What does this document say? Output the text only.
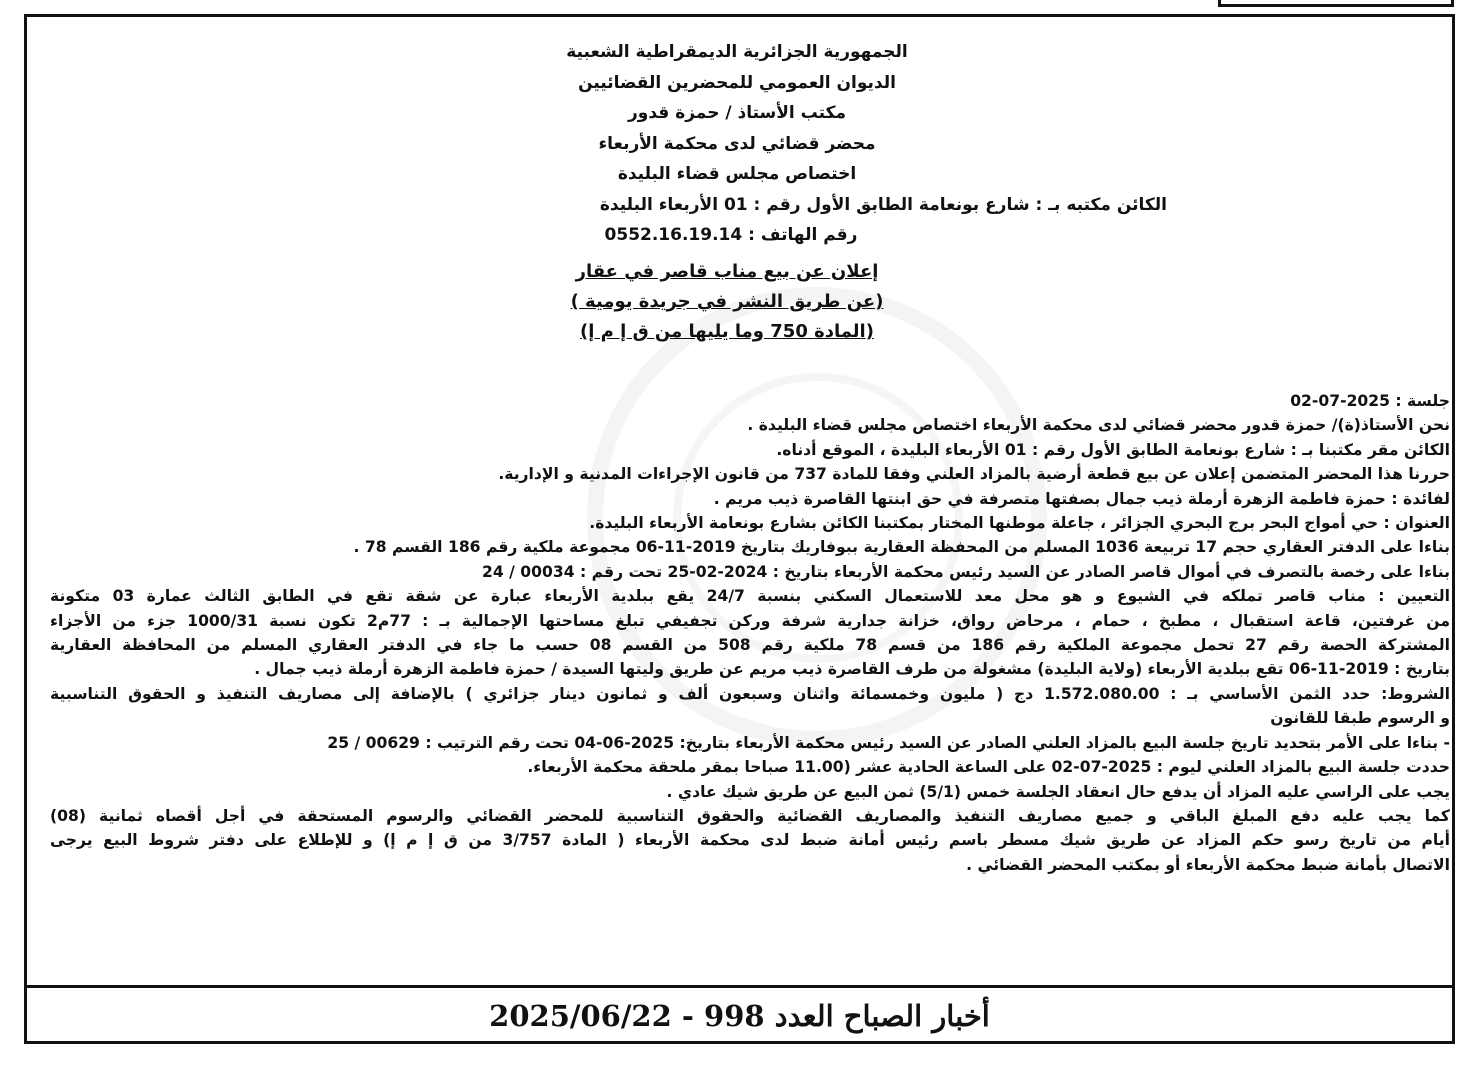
الجمهورية الجزائرية الديمقراطية الشعبية
الديوان العمومي للمحضرين القضائيين
مكتب الأستاذ / حمزة قدور
محضر قضائي لدى محكمة الأربعاء
اختصاص مجلس قضاء البليدة
الكائن مكتبه بـ : شارع بونعامة الطابق الأول رقم : 01 الأربعاء البليدة
رقم الهاتف : 0552.16.19.14
إعلان عن بيع مناب قاصر في عقار
(عن طريق النشر في جريدة يومية )
(المادة 750 وما يليها من ق إ م إ)
جلسة : 2025-07-02
نحن الأستاذ(ة)/ حمزة قدور محضر قضائي لدى محكمة الأربعاء اختصاص مجلس قضاء البليدة .
الكائن مقر مكتبنا بـ : شارع بونعامة الطابق الأول رقم : 01 الأربعاء البليدة ، الموقع أدناه.
حررنا هذا المحضر المتضمن إعلان عن بيع قطعة أرضية بالمزاد العلني وفقا للمادة 737 من قانون الإجراءات المدنية و الإدارية.
لفائدة : حمزة فاطمة الزهرة أرملة ذيب جمال بصفتها متصرفة في حق ابنتها القاصرة ذيب مريم .
العنوان : حي أمواج البحر برج البحري الجزائر ، جاعلة موطنها المختار بمكتبنا الكائن بشارع بونعامة الأربعاء البليدة.
بناءا على الدفتر العقاري حجم 17 تربيعة 1036 المسلم من المحفظة العقارية ببوفاريك بتاريخ 2019-11-06 مجموعة ملكية رقم 186 القسم 78 .
بناءا على رخصة بالتصرف في أموال قاصر الصادر عن السيد رئيس محكمة الأربعاء بتاريخ : 2024-02-25 تحت رقم : 00034 / 24
التعيين : مناب قاصر تملكه في الشيوع و هو محل معد للاستعمال السكني بنسبة 24/7 يقع ببلدية الأربعاء عبارة عن شقة تقع في الطابق الثالث عمارة 03 متكونة
من غرفتين، قاعة استقبال ، مطبخ ، حمام ، مرحاض رواق، خزانة جدارية شرفة وركن تجفيفي تبلغ مساحتها الإجمالية بـ : 77م2 تكون نسبة 1000/31 جزء من الأجزاء
المشتركة الحصة رقم 27 تحمل مجموعة الملكية رقم 186 من قسم 78 ملكية رقم 508 من القسم 08 حسب ما جاء في الدفتر العقاري المسلم من المحافظة العقارية
بتاريخ : 2019-11-06 تقع ببلدية الأربعاء (ولاية البليدة) مشغولة من طرف القاصرة ذيب مريم عن طريق وليتها السيدة / حمزة فاطمة الزهرة أرملة ذيب جمال .
الشروط: حدد الثمن الأساسي بـ : 1.572.080.00 دج ( مليون وخمسمائة واثنان وسبعون ألف و ثمانون دينار جزائري ) بالإضافة إلى مصاريف التنفيذ و الحقوق التناسبية
و الرسوم طبقا للقانون
- بناءا على الأمر بتحديد تاريخ جلسة البيع بالمزاد العلني الصادر عن السيد رئيس محكمة الأربعاء بتاريخ: 2025-06-04 تحت رقم الترتيب : 00629 / 25
حددت جلسة البيع بالمزاد العلني ليوم : 2025-07-02 على الساعة الحادية عشر (11.00 صباحا بمقر ملحقة محكمة الأربعاء.
يجب على الراسي عليه المزاد أن يدفع حال انعقاد الجلسة خمس (5/1) ثمن البيع عن طريق شيك عادي .
كما يجب عليه دفع المبلغ الباقي و جميع مصاريف التنفيذ والمصاريف القضائية والحقوق التناسبية للمحضر القضائي والرسوم المستحقة في أجل أقصاه ثمانية (08)
أيام من تاريخ رسو حكم المزاد عن طريق شيك مسطر باسم رئيس أمانة ضبط لدى محكمة الأربعاء ( المادة 3/757 من ق إ م إ) و للإطلاع على دفتر شروط البيع يرجى
الاتصال بأمانة ضبط محكمة الأربعاء أو بمكتب المحضر القضائي .
أخبار الصباح العدد 998 - 2025/06/22
